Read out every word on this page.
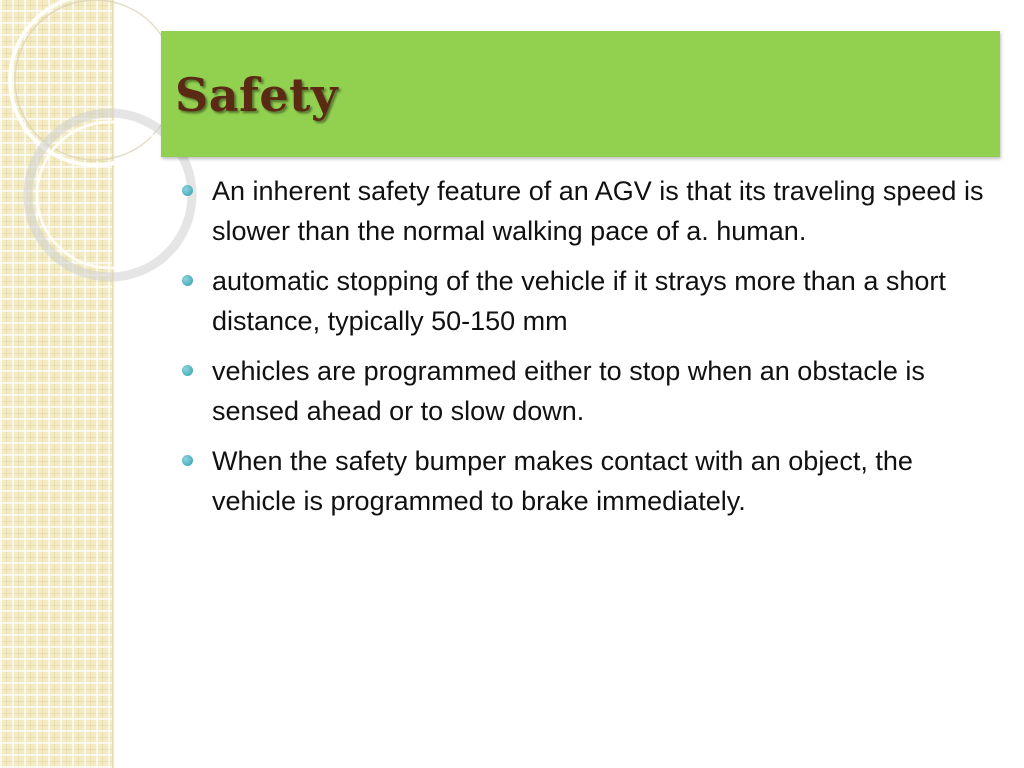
Safety
An inherent safety feature of an AGV is that its traveling speed is slower than the normal walking pace of a. human.
automatic stopping of the vehicle if it strays more than a short distance, typically 50-150 mm
vehicles are programmed either to stop when an obstacle is sensed ahead or to slow down.
When the safety bumper makes contact with an object, the vehicle is programmed to brake immediately.
